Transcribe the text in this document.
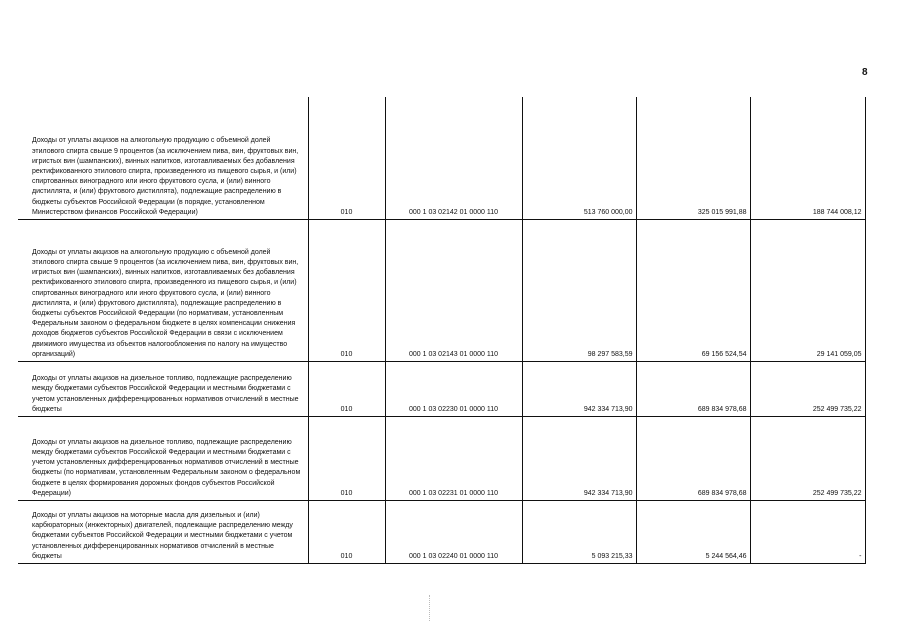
8
Доходы от уплаты акцизов на алкогольную продукцию с объемной долей этилового спирта свыше 9 процентов (за исключением пива, вин, фруктовых вин, игристых вин (шампанских), винных напитков, изготавливаемых без добавления ректификованного этилового спирта, произведенного из пищевого сырья, и (или) спиртованных виноградного или иного фруктового сусла, и (или) винного дистиллята, и (или) фруктового дистиллята), подлежащие распределению в бюджеты субъектов Российской Федерации (в порядке, установленном Министерством финансов Российской Федерации)	010	000 1 03 02142 01 0000 110	513 760 000,00	325 015 991,88	188 744 008,12
Доходы от уплаты акцизов на алкогольную продукцию с объемной долей этилового спирта свыше 9 процентов (за исключением пива, вин, фруктовых вин, игристых вин (шампанских), винных напитков, изготавливаемых без добавления ректификованного этилового спирта, произведенного из пищевого сырья, и (или) спиртованных виноградного или иного фруктового сусла, и (или) винного дистиллята, и (или) фруктового дистиллята), подлежащие распределению в бюджеты субъектов Российской Федерации (по нормативам, установленным Федеральным законом о федеральном бюджете в целях компенсации снижения доходов бюджетов субъектов Российской Федерации в связи с исключением движимого имущества из объектов налогообложения по налогу на имущество организаций)	010	000 1 03 02143 01 0000 110	98 297 583,59	69 156 524,54	29 141 059,05
Доходы от уплаты акцизов на дизельное топливо, подлежащие распределению между бюджетами субъектов Российской Федерации и местными бюджетами с учетом установленных дифференцированных нормативов отчислений в местные бюджеты	010	000 1 03 02230 01 0000 110	942 334 713,90	689 834 978,68	252 499 735,22
Доходы от уплаты акцизов на дизельное топливо, подлежащие распределению между бюджетами субъектов Российской Федерации и местными бюджетами с учетом установленных дифференцированных нормативов отчислений в местные бюджеты (по нормативам, установленным Федеральным законом о федеральном бюджете в целях формирования дорожных фондов субъектов Российской Федерации)	010	000 1 03 02231 01 0000 110	942 334 713,90	689 834 978,68	252 499 735,22
Доходы от уплаты акцизов на моторные масла для дизельных и (или) карбюраторных (инжекторных) двигателей, подлежащие распределению между бюджетами субъектов Российской Федерации и местными бюджетами с учетом установленных дифференцированных нормативов отчислений в местные бюджеты	010	000 1 03 02240 01 0000 110	5 093 215,33	5 244 564,46	-
